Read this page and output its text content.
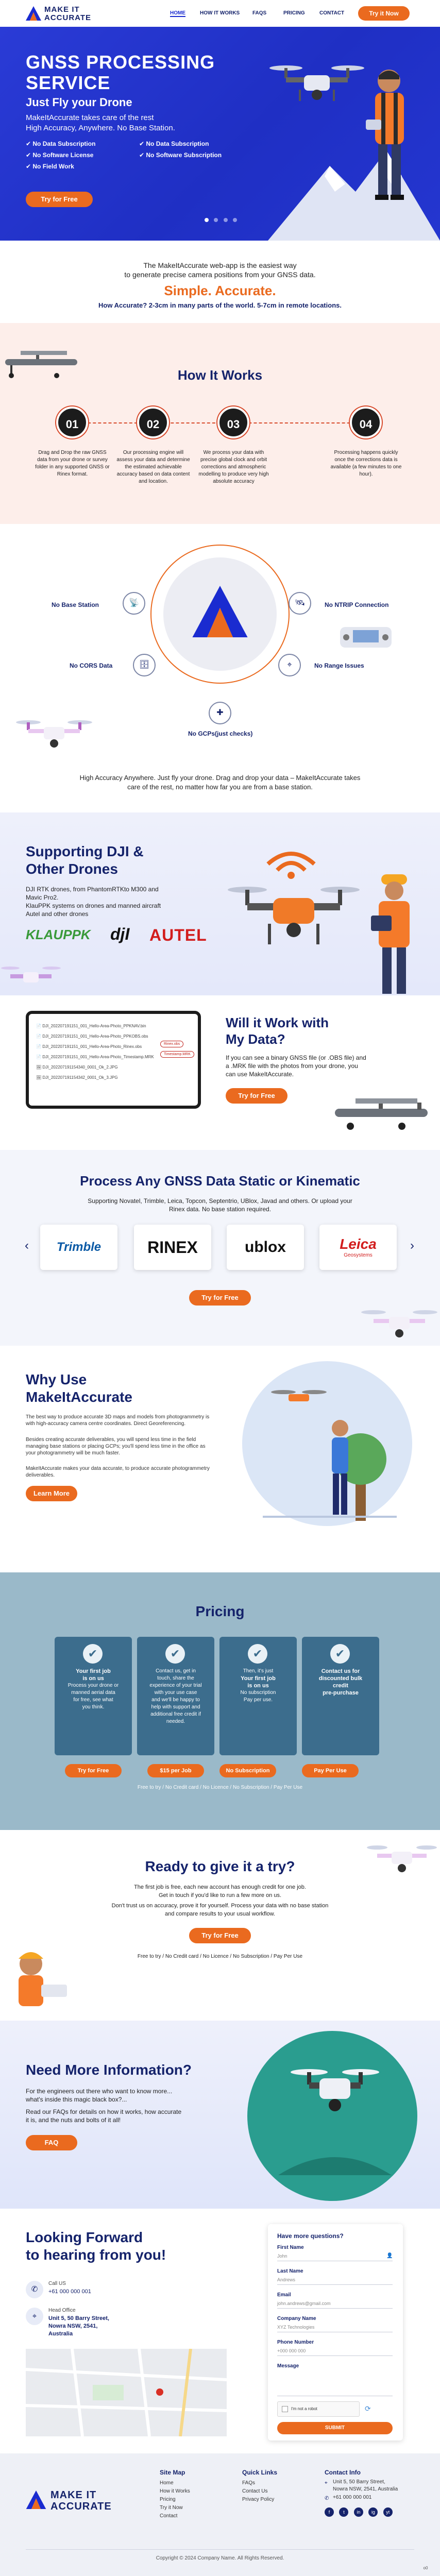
MAKE IT
ACCURATE
HOME	HOW IT WORKS FAQS	PRICING	CONTACT	Try it Now
GNSS PROCESSING
SERVICE
Just Fly your Drone
MakeItAccurate takes care of the rest
High Accuracy, Anywhere. No Base Station.
✔ No Data Subscription	✔ No Data Subscription
✔ No Software License	✔ No Software Subscription
✔ No Field Work
Try for Free

The MakeItAccurate web-app is the easiest way
to generate precise camera positions from your GNSS data.
Simple. Accurate.
How Accurate? 2-3cm in many parts of the world. 5-7cm in remote locations.
How It Works
01	02	03	04
Drag and Drop the raw GNSS data from your drone or survey folder in any supported GNSS or Rinex format.
Our processing engine will assess your data and determine the estimated achievable accuracy based on data content and location.
We process your data with precise global clock and orbit corrections and atmospheric modelling to produce very high absolute accuracy
Processing happens quickly once the corrections data is available (a few minutes to one hour).
📡	🛰
🗄	⌖
✚
No Base Station	No NTRIP Connection
No CORS Data	No Range Issues
No GCPs(just checks)
High Accuracy Anywhere. Just fly your drone. Drag and drop your data – MakeItAccurate takes
care of the rest, no matter how far you are from a base station.
Supporting DJI &
Other Drones
DJI RTK drones, from PhantomRTKto M300 and
Mavic Pro2.
KlauPPK systems on drones and manned aircraft
Autel and other drones
KLAUPPK djI AUTEL
📄 DJI_202207191151_001_Hello-Area-Photo_PPKNAV.bin
📄 DJI_202207191151_001_Hello-Area-Photo_PPKOBS.obs
📄 DJI_202207191151_001_Hello-Area-Photo_Rinex.obs
📄 DJI_202207191151_001_Hello-Area-Photo_Timestamp.MRK
🖼 DJI_202207191154340_0001_Ok_2.JPG
🖼 DJI_202207191154342_0001_Ok_3.JPG
Rinex.obs
Timestamp.MRK
Will it Work with
My Data?
If you can see a binary GNSS file (or .OBS file) and
a .MRK file with the photos from your drone, you
can use MakeItAccurate.
Try for Free
Process Any GNSS Data Static or Kinematic
Supporting Novatel, Trimble, Leica, Topcon, Septentrio, UBlox, Javad and others. Or upload your
Rinex data. No base station required.
‹	›
Trimble	RINEX	ublox	Leica
Geosystems
Try for Free
Why Use
MakeItAccurate
The best way to produce accurate 3D maps and models from photogrammetry is with high-accuracy camera centre coordinates. Direct Georeferencing.
Besides creating accurate deliverables, you will spend less time in the field managing base stations or placing GCPs; you'll spend less time in the office as your photogrammetry will be much faster.
MakeItAccurate makes your data accurate, to produce accurate photogrammetry deliverables.
Learn More
Pricing
✔
Your first job
is on us
Process your drone or
manned aerial data
for free, see what
you think.
✔
Contact us, get in
touch, share the
experience of your trial
with your use case
and we'll be happy to
help with support and
additional free credit if
needed.
✔
Then, it's just
Your first job
is on us
No subscription
Pay per use.
✔
Contact us for
discounted bulk
credit
pre-purchase
Try for Free	$15 per Job	No Subscription	Pay Per Use
Free to try / No Credit card / No Licence / No Subscription / Pay Per Use
Ready to give it a try?
The first job is free, each new account has enough credit for one job.
Get in touch if you'd like to run a few more on us.
Don't trust us on accuracy, prove it for yourself. Process your data with no base station
and compare results to your usual workflow.
Try for Free
Free to try / No Credit card / No Licence / No Subscription / Pay Per Use
Need More Information?
For the engineers out there who want to know more...
what's inside this magic black box?...
Read our FAQs for details on how it works, how accurate
it is, and the nuts and bolts of it all!
FAQ
Looking Forward
to hearing from you!
✆
Call US
+61 000 000 001
⌖
Head Office
Unit 5, 50 Barry Street,
Nowra NSW, 2541,
Australia
Have more questions?
First Name
John	👤
Last Name
Andrews
Email
john.andrews@gmail.com
Company Name
XYZ Technologies
Phone Number
+000 000 000
Message
I'm not a robot	⟳
SUBMIT
MAKE IT
ACCURATE
Site Map
Home
How it Works
Pricing
Try it Now
Contact
Quick Links
FAQs
Contact Us
Privacy Policy
Contact Info
⌖ Unit 5, 50 Barry Street,
Nowra NSW, 2541, Australia
✆ +61 000 000 001
f	t	in ig yt
Copyright © 2024 Company Name. All Rights Reserved.
o0
